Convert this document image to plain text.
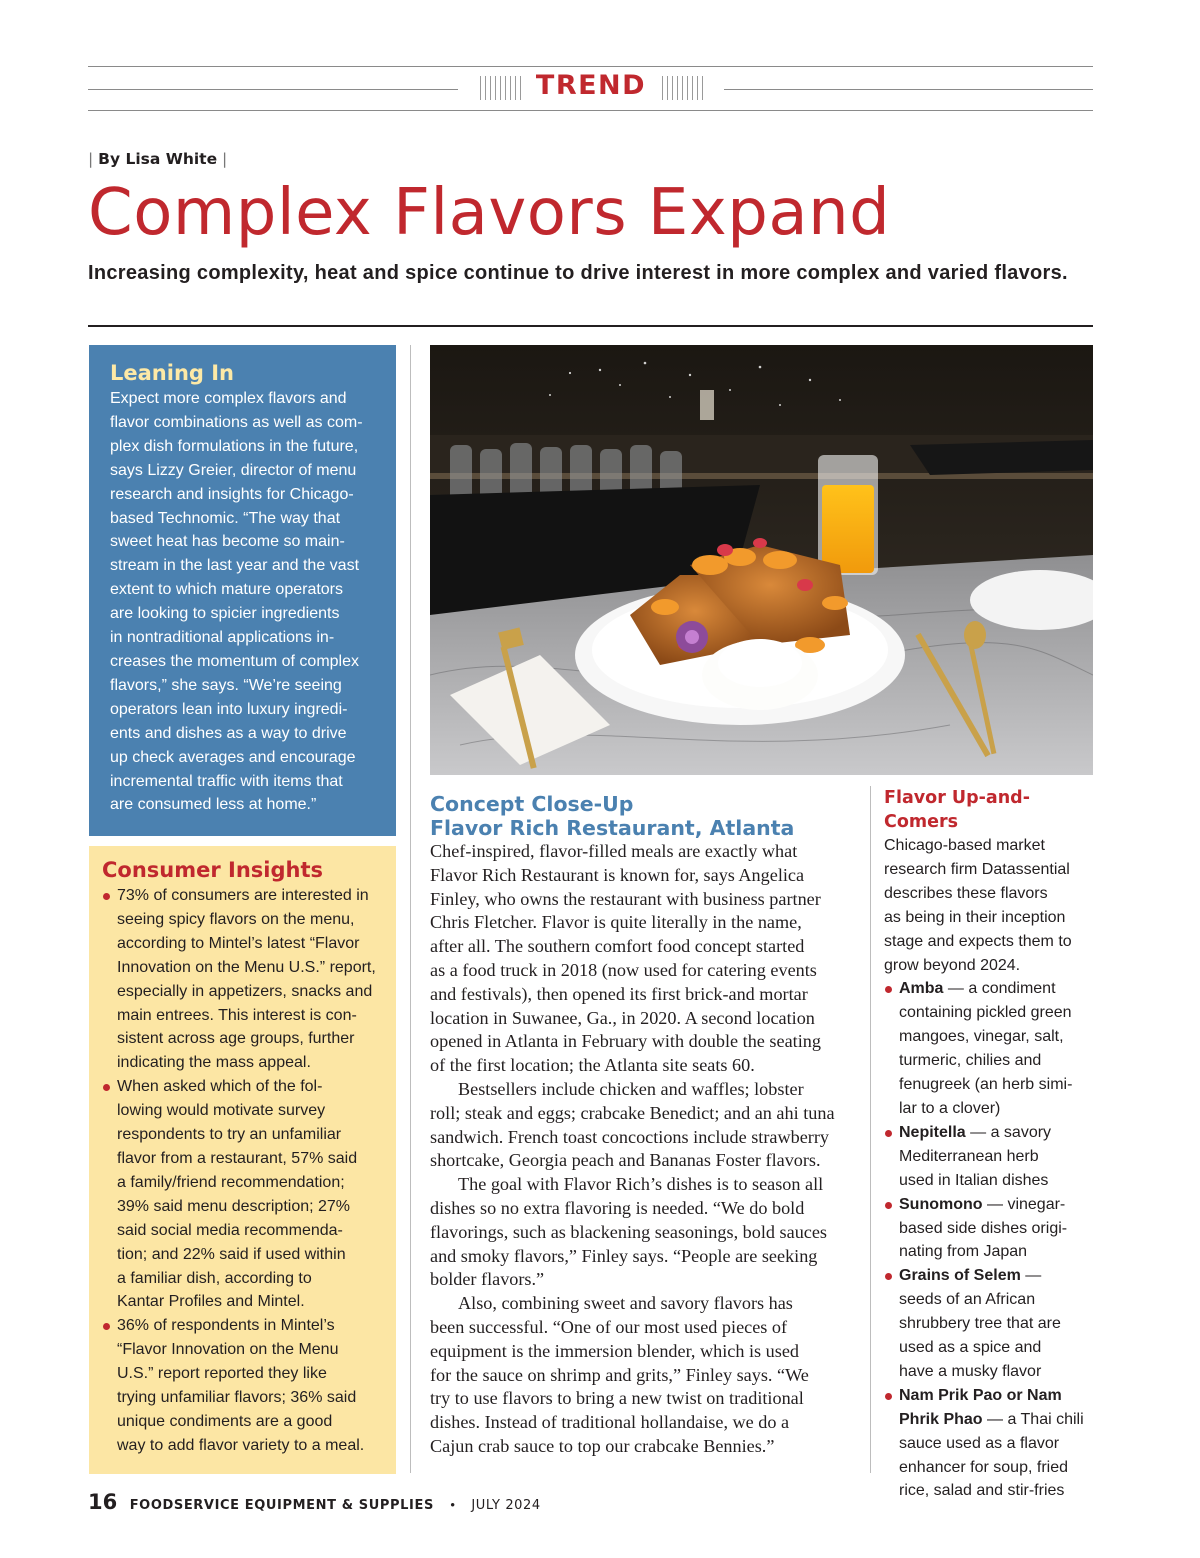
TREND
| By Lisa White |
Complex Flavors Expand
Increasing complexity, heat and spice continue to drive interest in more complex and varied flavors.
Leaning In

Expect more complex flavors and
flavor combinations as well as com-
plex dish formulations in the future,
says Lizzy Greier, director of menu
research and insights for Chicago-
based Technomic. “The way that
sweet heat has become so main-
stream in the last year and the vast
extent to which mature operators
are looking to spicier ingredients
in nontraditional applications in-
creases the momentum of complex
flavors,” she says. “We’re seeing
operators lean into luxury ingredi-
ents and dishes as a way to drive
up check averages and encourage
incremental traffic with items that
are consumed less at home.”

Consumer Insights
73% of consumers are interested in
seeing spicy flavors on the menu,
according to Mintel’s latest “Flavor
Innovation on the Menu U.S.” report,
especially in appetizers, snacks and
main entrees. This interest is con-
sistent across age groups, further
indicating the mass appeal.
When asked which of the fol-
lowing would motivate survey
respondents to try an unfamiliar
flavor from a restaurant, 57% said
a family/friend recommendation;
39% said menu description; 27%
said social media recommenda-
tion; and 22% said if used within
a familiar dish, according to
Kantar Profiles and Mintel.
36% of respondents in Mintel’s
“Flavor Innovation on the Menu
U.S.” report reported they like
trying unfamiliar flavors; 36% said
unique condiments are a good
way to add flavor variety to a meal.
Concept Close-Up
Flavor Rich Restaurant, Atlanta

Chef-inspired, flavor-filled meals are exactly what
Flavor Rich Restaurant is known for, says Angelica
Finley, who owns the restaurant with business partner
Chris Fletcher. Flavor is quite literally in the name,
after all. The southern comfort food concept started
as a food truck in 2018 (now used for catering events
and festivals), then opened its first brick-and mortar
location in Suwanee, Ga., in 2020. A second location
opened in Atlanta in February with double the seating
of the first location; the Atlanta site seats 60.

Bestsellers include chicken and waffles; lobster
roll; steak and eggs; crabcake Benedict; and an ahi tuna
sandwich. French toast concoctions include strawberry
shortcake, Georgia peach and Bananas Foster flavors.

The goal with Flavor Rich’s dishes is to season all
dishes so no extra flavoring is needed. “We do bold
flavorings, such as blackening seasonings, bold sauces
and smoky flavors,” Finley says. “People are seeking
bolder flavors.”

Also, combining sweet and savory flavors has
been successful. “One of our most used pieces of
equipment is the immersion blender, which is used
for the sauce on shrimp and grits,” Finley says. “We
try to use flavors to bring a new twist on traditional
dishes. Instead of traditional hollandaise, we do a
Cajun crab sauce to top our crabcake Bennies.”

Flavor Up-and-Comers

Chicago-based market
research firm Datassential
describes these flavors
as being in their inception
stage and expects them to
grow beyond 2024.

Amba — a condiment
containing pickled green
mangoes, vinegar, salt,
turmeric, chilies and
fenugreek (an herb simi-
lar to a clover)
Nepitella — a savory
Mediterranean herb
used in Italian dishes
Sunomono — vinegar-
based side dishes origi-
nating from Japan
Grains of Selem —
seeds of an African
shrubbery tree that are
used as a spice and
have a musky flavor
Nam Prik Pao or Nam
Phrik Phao — a Thai chili
sauce used as a flavor
enhancer for soup, fried
rice, salad and stir-fries
16 FOODSERVICE EQUIPMENT & SUPPLIES • JULY 2024
